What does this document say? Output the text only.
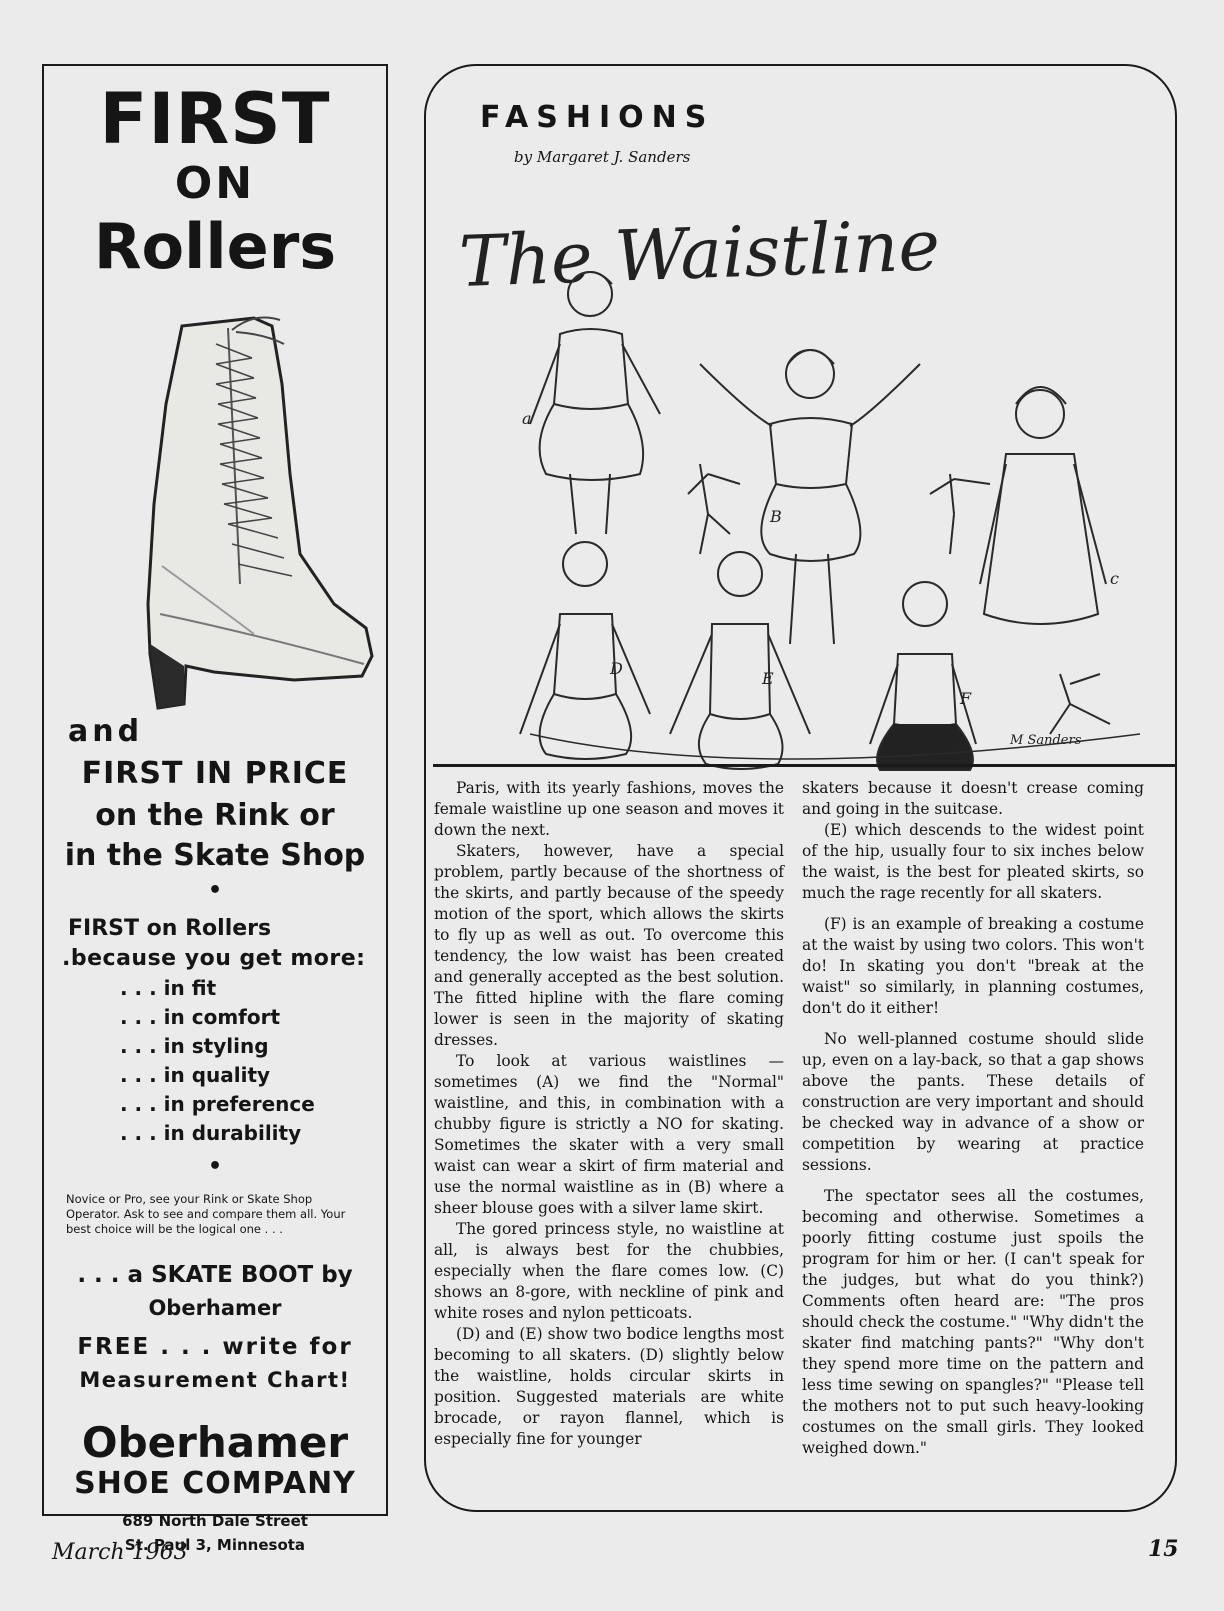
FIRST
ON
Rollers
and
FIRST IN PRICE
on the Rink or
in the Skate Shop
•
FIRST on Rollers
.because you get more:
. . . in fit
. . . in comfort
. . . in styling
. . . in quality
. . . in preference
. . . in durability
•
Novice or Pro, see your Rink or Skate Shop Operator. Ask to see and compare them all. Your best choice will be the logical one . . .
. . . a SKATE BOOT by
Oberhamer
FREE . . . write for
Measurement Chart!
Oberhamer
SHOE COMPANY
689 North Dale Street
St. Paul 3, Minnesota
FASHIONS
by Margaret J. Sanders
The Waistline
a
B
c
D
E
F
M Sanders

Paris, with its yearly fashions, moves the female waistline up one season and moves it down the next.

Skaters, however, have a special problem, partly because of the shortness of the skirts, and partly because of the speedy motion of the sport, which allows the skirts to fly up as well as out. To overcome this tendency, the low waist has been created and generally accepted as the best solution. The fitted hipline with the flare coming lower is seen in the majority of skating dresses.

To look at various waistlines — sometimes (A) we find the "Normal" waistline, and this, in combination with a chubby figure is strictly a NO for skating. Sometimes the skater with a very small waist can wear a skirt of firm material and use the normal waistline as in (B) where a sheer blouse goes with a silver lame skirt.

The gored princess style, no waistline at all, is always best for the chubbies, especially when the flare comes low. (C) shows an 8-gore, with neckline of pink and white roses and nylon petticoats.

(D) and (E) show two bodice lengths most becoming to all skaters. (D) slightly below the waistline, holds circular skirts in position. Suggested materials are white brocade, or rayon flannel, which is especially fine for younger

skaters because it doesn't crease coming and going in the suitcase.

(E) which descends to the widest point of the hip, usually four to six inches below the waist, is the best for pleated skirts, so much the rage recently for all skaters.

(F) is an example of breaking a costume at the waist by using two colors. This won't do! In skating you don't "break at the waist" so similarly, in planning costumes, don't do it either!

No well-planned costume should slide up, even on a lay-back, so that a gap shows above the pants. These details of construction are very important and should be checked way in advance of a show or competition by wearing at practice sessions.

The spectator sees all the costumes, becoming and otherwise. Sometimes a poorly fitting costume just spoils the program for him or her. (I can't speak for the judges, but what do you think?) Comments often heard are: "The pros should check the costume." "Why didn't the skater find matching pants?" "Why don't they spend more time on the pattern and less time sewing on spangles?" "Please tell the mothers not to put such heavy-looking costumes on the small girls. They looked weighed down."

March 1963	15
